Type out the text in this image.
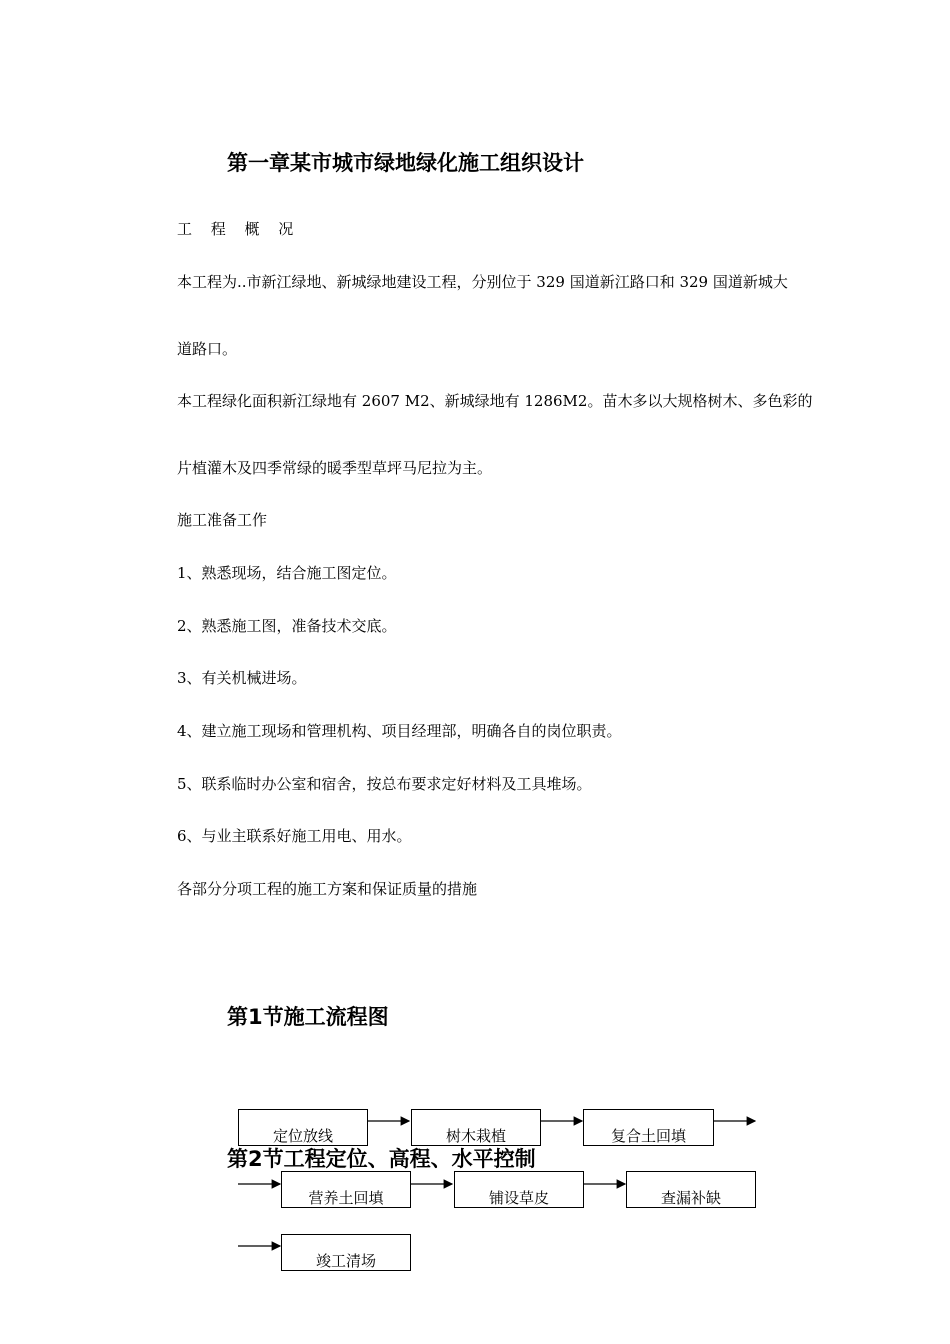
第一章某市城市绿地绿化施工组织设计
工 程 概 况
本工程为..市新江绿地、新城绿地建设工程，分别位于 329 国道新江路口和 329 国道新城大
道路口。
本工程绿化面积新江绿地有 2607 M2、新城绿地有 1286M2。苗木多以大规格树木、多色彩的
片植灌木及四季常绿的暖季型草坪马尼拉为主。
施工准备工作
1、熟悉现场，结合施工图定位。
2、熟悉施工图，准备技术交底。
3、有关机械进场。
4、建立施工现场和管理机构、项目经理部，明确各自的岗位职责。
5、联系临时办公室和宿舍，按总布要求定好材料及工具堆场。
6、与业主联系好施工用电、用水。
各部分分项工程的施工方案和保证质量的措施
第1节施工流程图
定位放线	树木栽植	复合土回填
第2节工程定位、高程、水平控制
营养土回填	铺设草皮	查漏补缺
竣工清场
